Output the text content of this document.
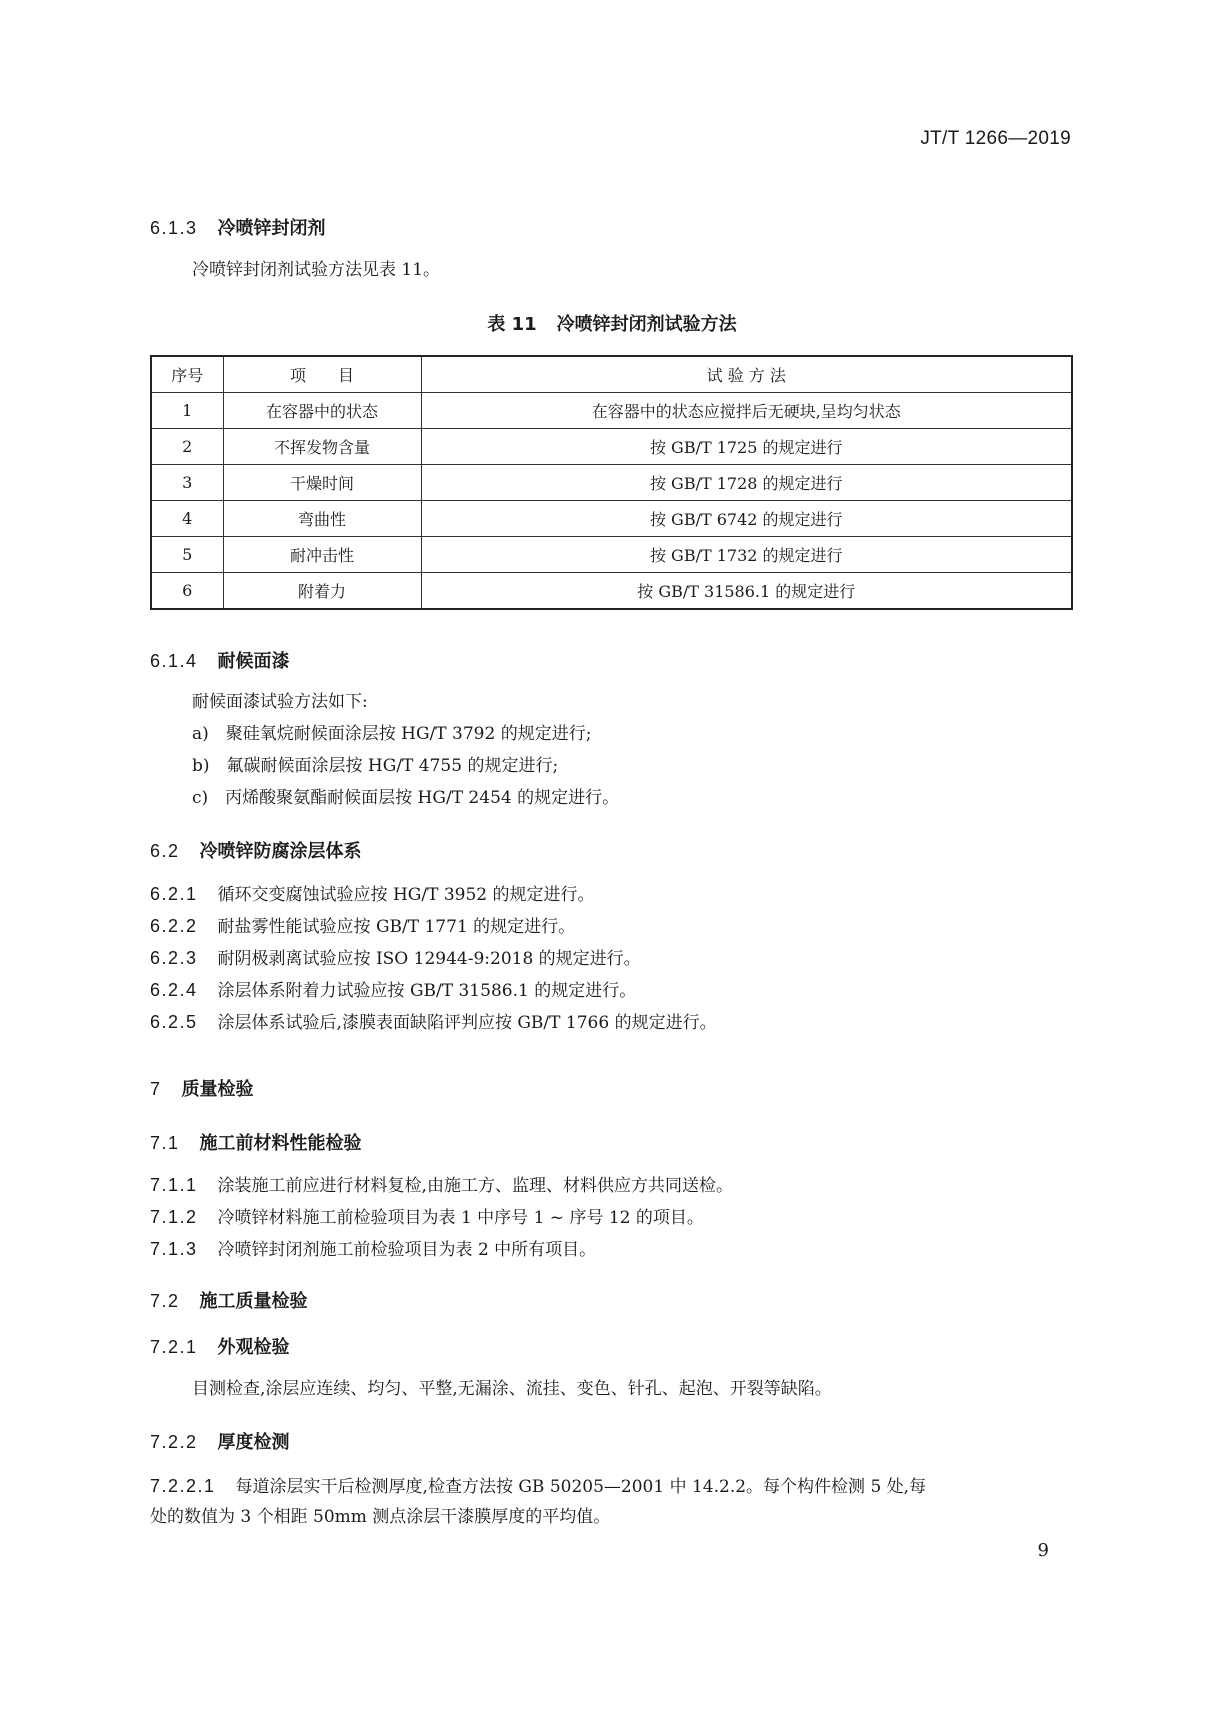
JT/T 1266—2019
6.1.3 冷喷锌封闭剂
冷喷锌封闭剂试验方法见表 11。
表 11 冷喷锌封闭剂试验方法
序号	项　　目	试 验 方 法
1	在容器中的状态	在容器中的状态应搅拌后无硬块,呈均匀状态
2	不挥发物含量	按 GB/T 1725 的规定进行
3	干燥时间	按 GB/T 1728 的规定进行
4	弯曲性	按 GB/T 6742 的规定进行
5	耐冲击性	按 GB/T 1732 的规定进行
6	附着力	按 GB/T 31586.1 的规定进行
6.1.4 耐候面漆
耐候面漆试验方法如下:
a)　聚硅氧烷耐候面涂层按 HG/T 3792 的规定进行;
b)　氟碳耐候面涂层按 HG/T 4755 的规定进行;
c)　丙烯酸聚氨酯耐候面层按 HG/T 2454 的规定进行。
6.2 冷喷锌防腐涂层体系
6.2.1 循环交变腐蚀试验应按 HG/T 3952 的规定进行。
6.2.2 耐盐雾性能试验应按 GB/T 1771 的规定进行。
6.2.3 耐阴极剥离试验应按 ISO 12944-9:2018 的规定进行。
6.2.4 涂层体系附着力试验应按 GB/T 31586.1 的规定进行。
6.2.5 涂层体系试验后,漆膜表面缺陷评判应按 GB/T 1766 的规定进行。
7 质量检验
7.1 施工前材料性能检验
7.1.1 涂装施工前应进行材料复检,由施工方、监理、材料供应方共同送检。
7.1.2 冷喷锌材料施工前检验项目为表 1 中序号 1 ~ 序号 12 的项目。
7.1.3 冷喷锌封闭剂施工前检验项目为表 2 中所有项目。
7.2 施工质量检验
7.2.1 外观检验
目测检查,涂层应连续、均匀、平整,无漏涂、流挂、变色、针孔、起泡、开裂等缺陷。
7.2.2 厚度检测
7.2.2.1 每道涂层实干后检测厚度,检查方法按 GB 50205—2001 中 14.2.2。每个构件检测 5 处,每
处的数值为 3 个相距 50mm 测点涂层干漆膜厚度的平均值。
9
